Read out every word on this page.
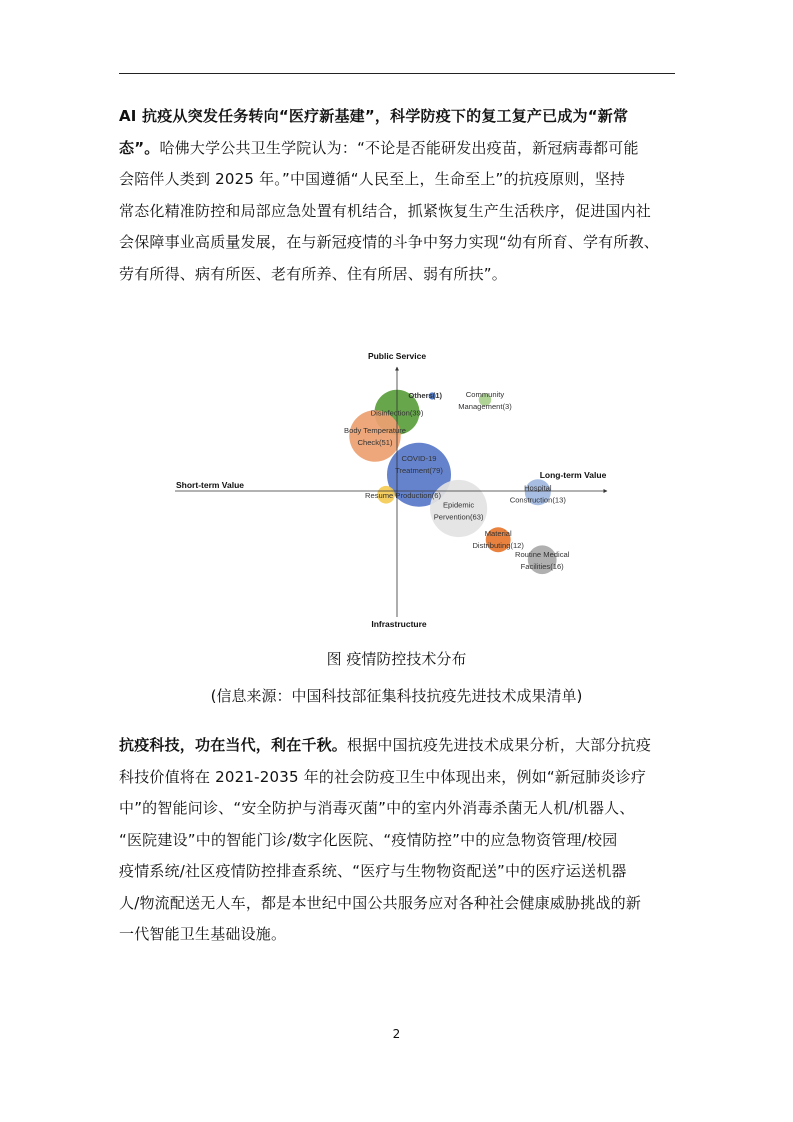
AI 抗疫从突发任务转向“医疗新基建”，科学防疫下的复工复产已成为“新常
态”。哈佛大学公共卫生学院认为：“不论是否能研发出疫苗，新冠病毒都可能
会陪伴人类到 2025 年。”中国遵循“人民至上，生命至上”的抗疫原则，坚持
常态化精准防控和局部应急处置有机结合，抓紧恢复生产生活秩序，促进国内社
会保障事业高质量发展，在与新冠疫情的斗争中努力实现“幼有所育、学有所教、
劳有所得、病有所医、老有所养、住有所居、弱有所扶”。
Public Service
Infrastructure
Short-term Value
Long-term Value
Disinfection(39)
Body Temperature Check(51)
COVID-19 Treatment(79)
Resume Production(6)
Epidemic Pervention(63)
Material Distributing(12)
Hospital Construction(13)
Routine Medical Facilities(16)
Others(1)	Community Management(3)
图 疫情防控技术分布
(信息来源：中国科技部征集科技抗疫先进技术成果清单)
抗疫科技，功在当代，利在千秋。根据中国抗疫先进技术成果分析，大部分抗疫
科技价值将在 2021-2035 年的社会防疫卫生中体现出来，例如“新冠肺炎诊疗
中”的智能问诊、“安全防护与消毒灭菌”中的室内外消毒杀菌无人机/机器人、
“医院建设”中的智能门诊/数字化医院、“疫情防控”中的应急物资管理/校园
疫情系统/社区疫情防控排查系统、“医疗与生物物资配送”中的医疗运送机器
人/物流配送无人车，都是本世纪中国公共服务应对各种社会健康威胁挑战的新
一代智能卫生基础设施。
2
